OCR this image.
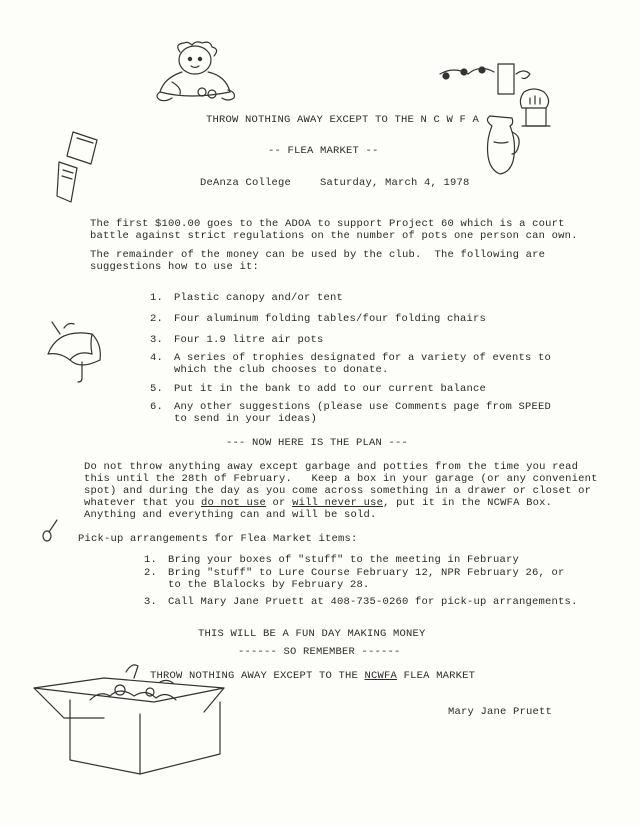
THROW NOTHING AWAY EXCEPT TO THE N C W F A
-- FLEA MARKET --
DeAnza College	Saturday, March 4, 1978
The first $100.00 goes to the ADOA to support Project 60 which is a court
battle against strict regulations on the number of pots one person can own.
The remainder of the money can be used by the club.  The following are
suggestions how to use it:
1. Plastic canopy and/or tent
2. Four aluminum folding tables/four folding chairs
3. Four 1.9 litre air pots
4. A series of trophies designated for a variety of events to
which the club chooses to donate.
5. Put it in the bank to add to our current balance
6. Any other suggestions (please use Comments page from SPEED
to send in your ideas)
--- NOW HERE IS THE PLAN ---
Do not throw anything away except garbage and potties from the time you read
this until the 28th of February.   Keep a box in your garage (or any convenient
spot) and during the day as you come across something in a drawer or closet or
whatever that you do not use or will never use, put it in the NCWFA Box.
Anything and everything can and will be sold.
Pick-up arrangements for Flea Market items:
1. Bring your boxes of "stuff" to the meeting in February
2. Bring "stuff" to Lure Course February 12, NPR February 26, or
to the Blalocks by February 28.
3. Call Mary Jane Pruett at 408-735-0260 for pick-up arrangements.
THIS WILL BE A FUN DAY MAKING MONEY
------ SO REMEMBER ------
THROW NOTHING AWAY EXCEPT TO THE NCWFA FLEA MARKET
Mary Jane Pruett
